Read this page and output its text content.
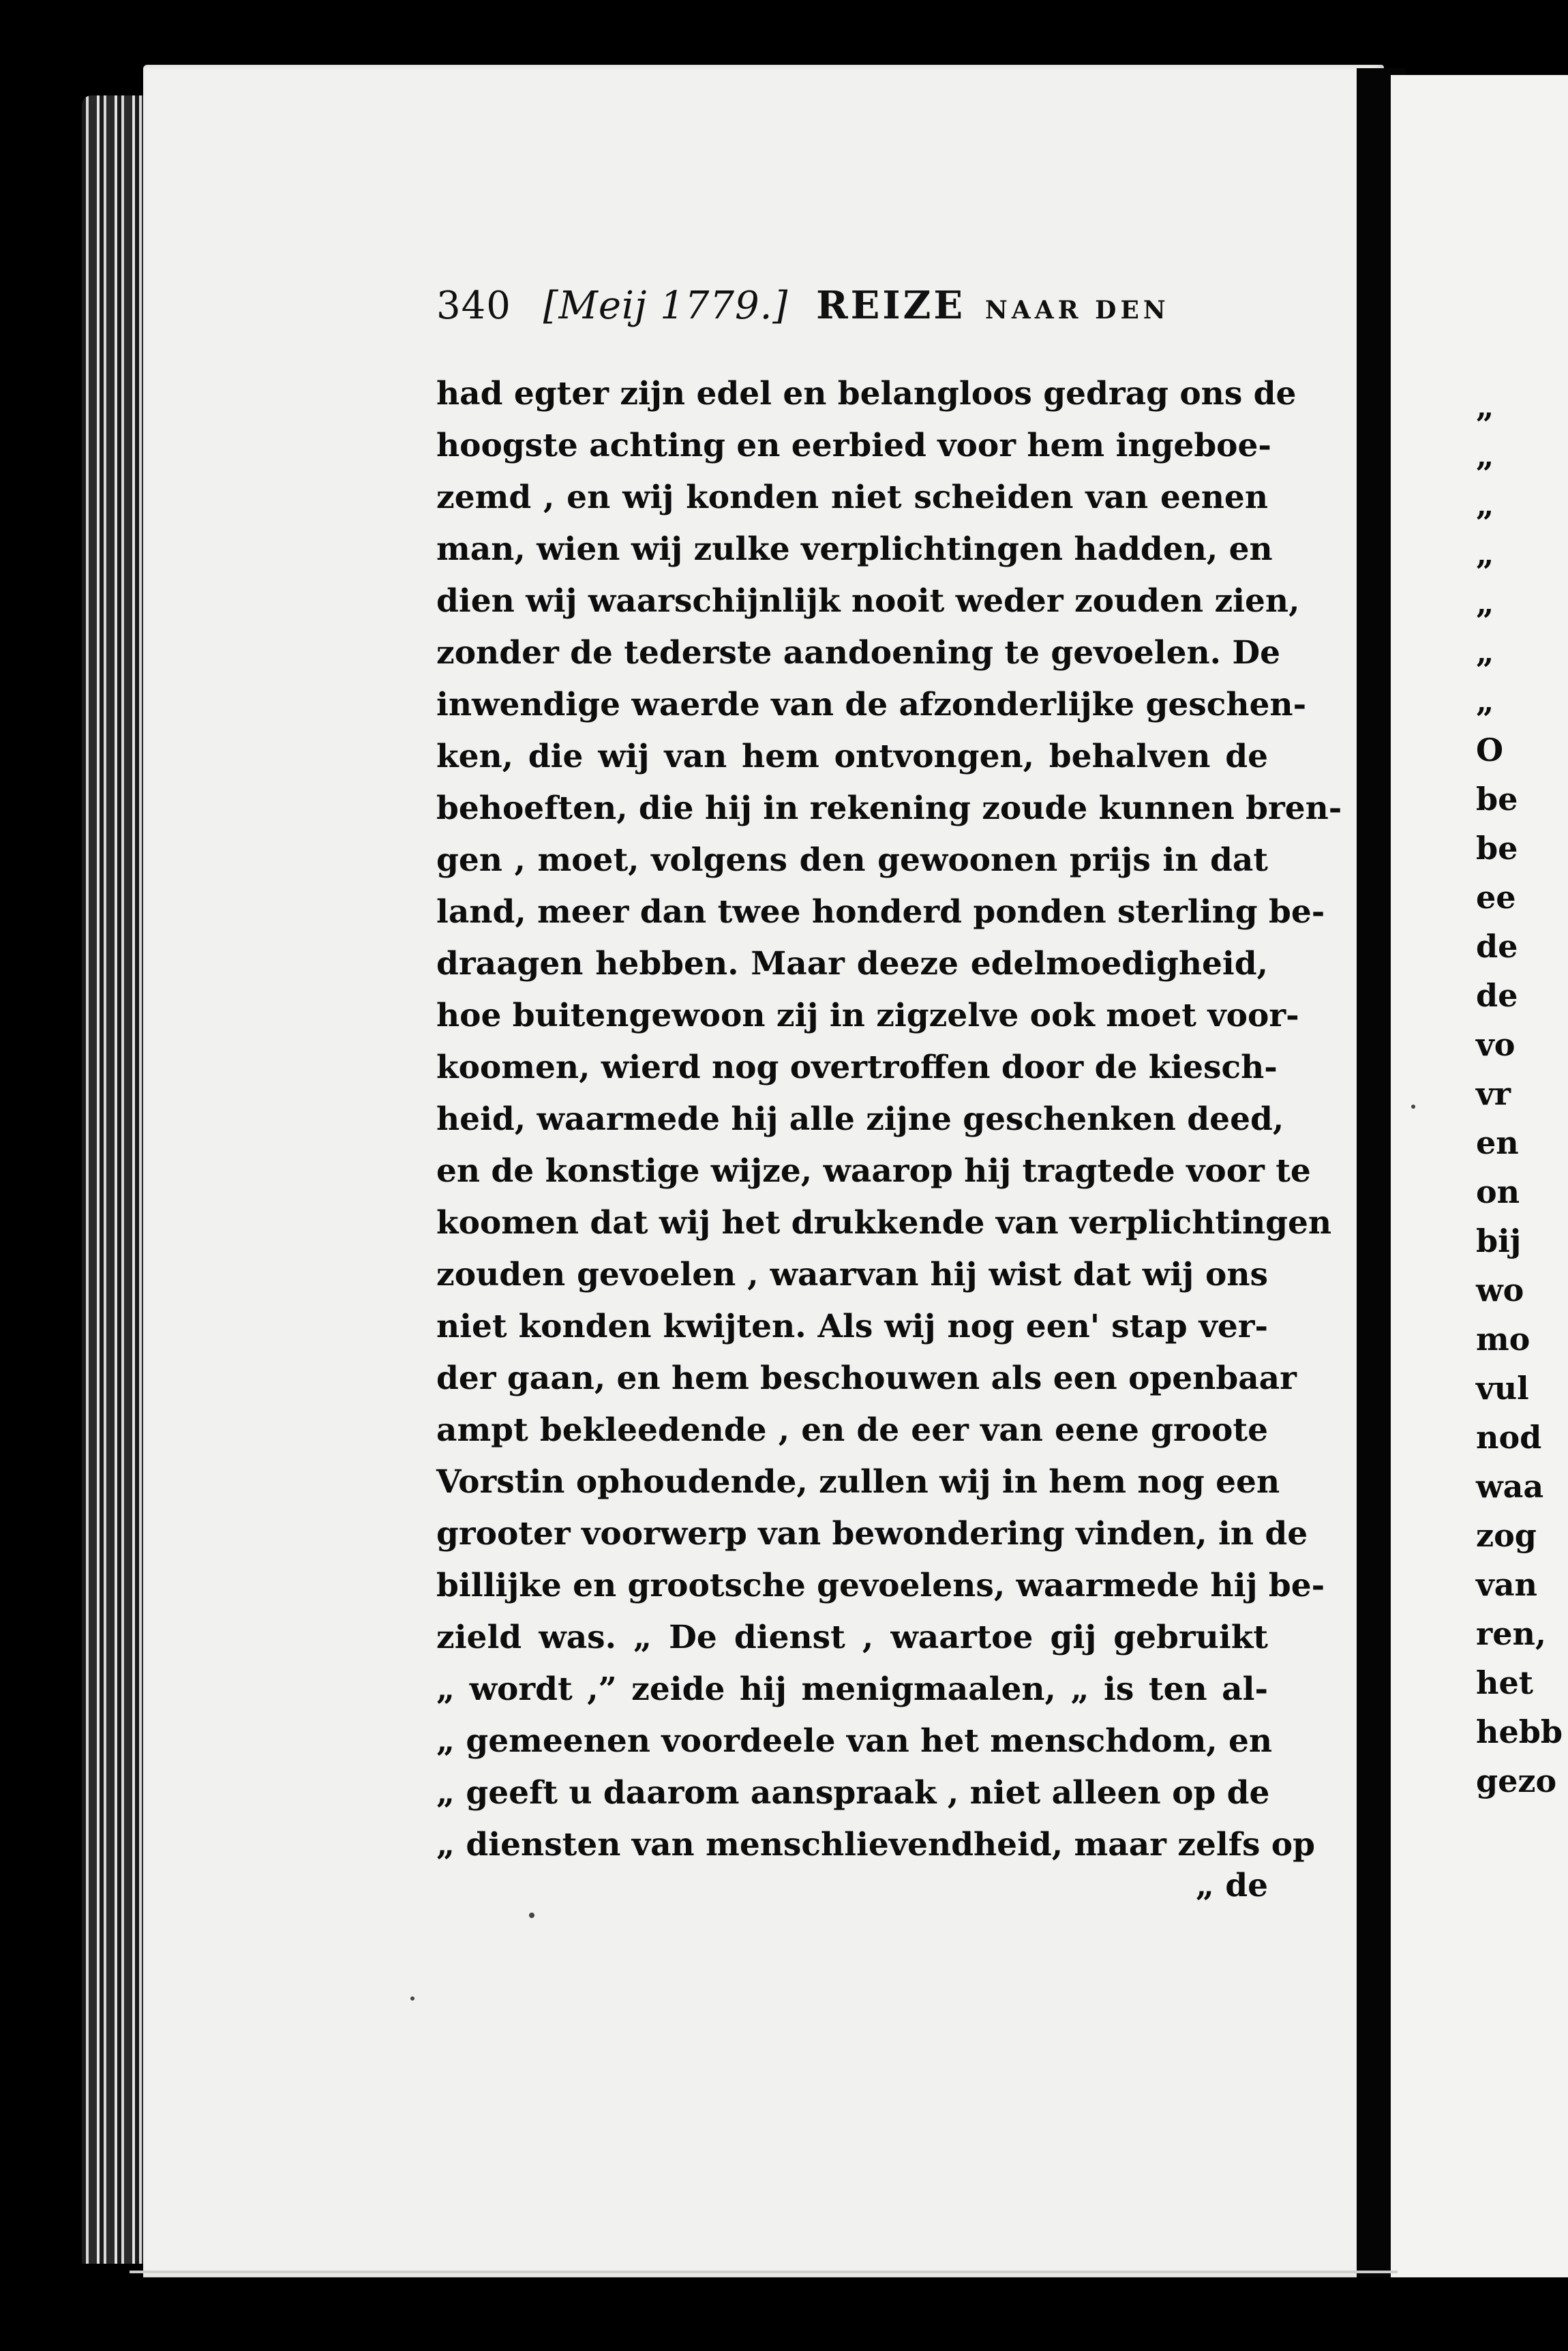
340 [Meij 1779.] REIZE NAAR DEN
had egter zijn edel en belangloos gedrag ons de
hoogste achting en eerbied voor hem ingeboe-
zemd , en wij konden niet scheiden van eenen
man, wien wij zulke verplichtingen hadden, en
dien wij waarschijnlijk nooit weder zouden zien,
zonder de tederste aandoening te gevoelen. De
inwendige waerde van de afzonderlijke geschen-
ken, die wij van hem ontvongen, behalven de
behoeften, die hij in rekening zoude kunnen bren-
gen , moet, volgens den gewoonen prijs in dat
land, meer dan twee honderd ponden sterling be-
draagen hebben. Maar deeze edelmoedigheid,
hoe buitengewoon zij in zigzelve ook moet voor-
koomen, wierd nog overtroffen door de kiesch-
heid, waarmede hij alle zijne geschenken deed,
en de konstige wijze, waarop hij tragtede voor te
koomen dat wij het drukkende van verplichtingen
zouden gevoelen , waarvan hij wist dat wij ons
niet konden kwijten. Als wij nog een' stap ver-
der gaan, en hem beschouwen als een openbaar
ampt bekleedende , en de eer van eene groote
Vorstin ophoudende, zullen wij in hem nog een
grooter voorwerp van bewondering vinden, in de
billijke en grootsche gevoelens, waarmede hij be-
zield was. „ De dienst , waartoe gij gebruikt
„ wordt ,” zeide hij menigmaalen, „ is ten al-
„ gemeenen voordeele van het menschdom, en
„ geeft u daarom aanspraak , niet alleen op de
„ diensten van menschlievendheid, maar zelfs op
„ de
„
„
„
„
„
„
„
O
be
be
ee
de
de
vo
vr
en
on
bij
wo
mo
vul
nod
waa
zog
van
ren,
het
hebb
gezo
